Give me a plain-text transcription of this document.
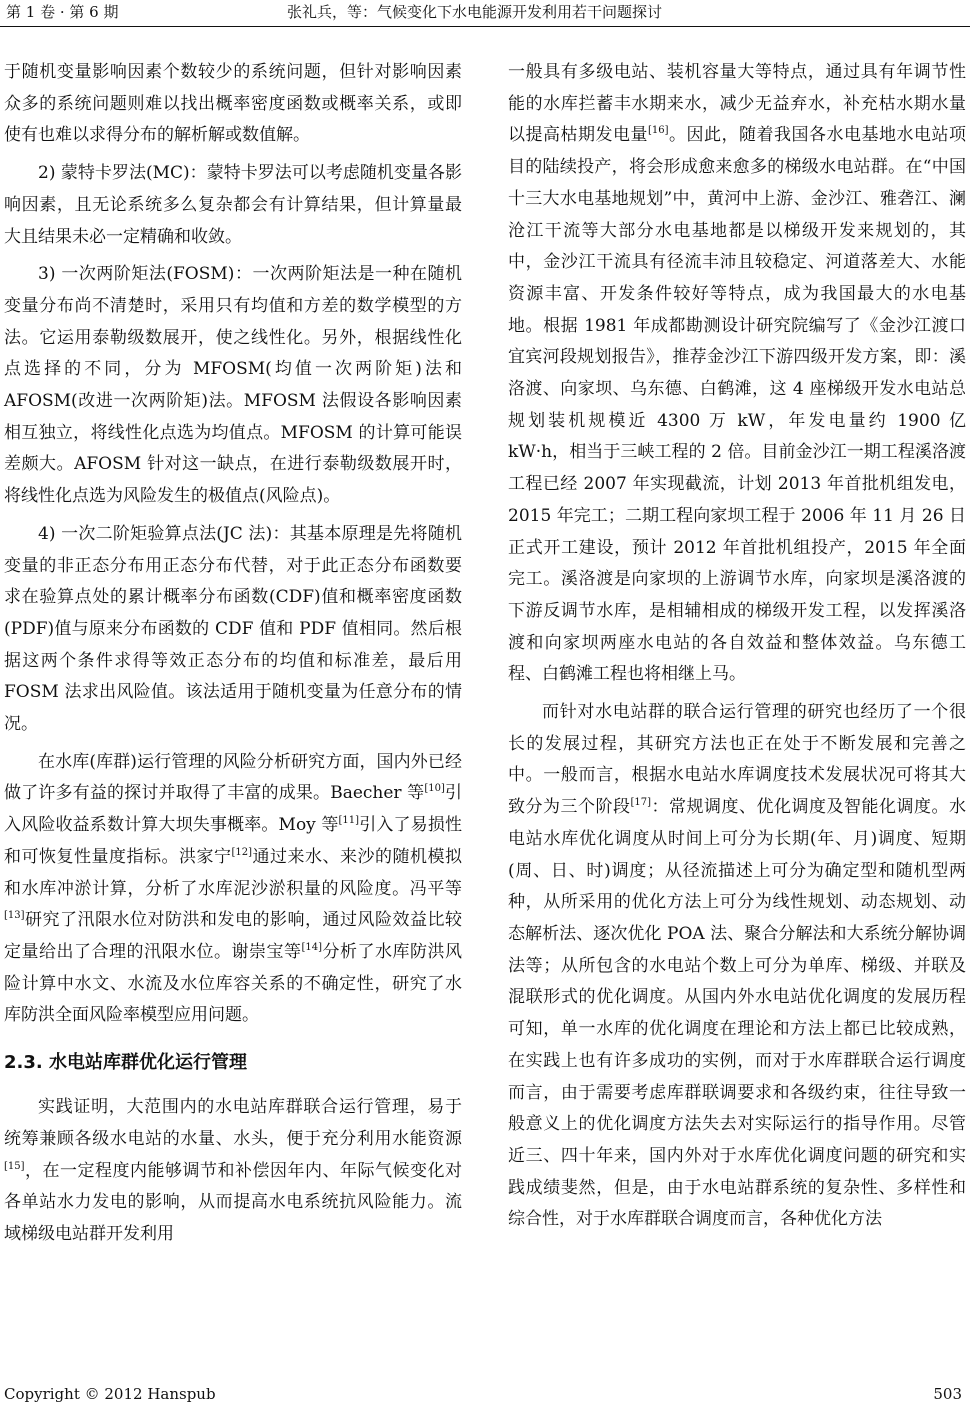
第 1 卷 · 第 6 期	张礼兵，等：气候变化下水电能源开发利用若干问题探讨

于随机变量影响因素个数较少的系统问题，但针对影响因素众多的系统问题则难以找出概率密度函数或概率关系，或即使有也难以求得分布的解析解或数值解。

2) 蒙特卡罗法(MC)：蒙特卡罗法可以考虑随机变量各影响因素，且无论系统多么复杂都会有计算结果，但计算量最大且结果未必一定精确和收敛。

3) 一次两阶矩法(FOSM)：一次两阶矩法是一种在随机变量分布尚不清楚时，采用只有均值和方差的数学模型的方法。它运用泰勒级数展开，使之线性化。另外，根据线性化点选择的不同，分为 MFOSM(均值一次两阶矩)法和 AFOSM(改进一次两阶矩)法。MFOSM 法假设各影响因素相互独立，将线性化点选为均值点。MFOSM 的计算可能误差颇大。AFOSM 针对这一缺点，在进行泰勒级数展开时，将线性化点选为风险发生的极值点(风险点)。

4) 一次二阶矩验算点法(JC 法)：其基本原理是先将随机变量的非正态分布用正态分布代替，对于此正态分布函数要求在验算点处的累计概率分布函数(CDF)值和概率密度函数(PDF)值与原来分布函数的 CDF 值和 PDF 值相同。然后根据这两个条件求得等效正态分布的均值和标准差，最后用 FOSM 法求出风险值。该法适用于随机变量为任意分布的情况。

在水库(库群)运行管理的风险分析研究方面，国内外已经做了许多有益的探讨并取得了丰富的成果。Baecher 等[10]引入风险收益系数计算大坝失事概率。Moy 等[11]引入了易损性和可恢复性量度指标。洪家宁[12]通过来水、来沙的随机模拟和水库冲淤计算，分析了水库泥沙淤积量的风险度。冯平等[13]研究了汛限水位对防洪和发电的影响，通过风险效益比较定量给出了合理的汛限水位。谢崇宝等[14]分析了水库防洪风险计算中水文、水流及水位库容关系的不确定性，研究了水库防洪全面风险率模型应用问题。

2.3. 水电站库群优化运行管理

实践证明，大范围内的水电站库群联合运行管理，易于统筹兼顾各级水电站的水量、水头，便于充分利用水能资源[15]，在一定程度内能够调节和补偿因年内、年际气候变化对各单站水力发电的影响，从而提高水电系统抗风险能力。流域梯级电站群开发利用

一般具有多级电站、装机容量大等特点，通过具有年调节性能的水库拦蓄丰水期来水，减少无益弃水，补充枯水期水量以提高枯期发电量[16]。因此，随着我国各水电基地水电站项目的陆续投产，将会形成愈来愈多的梯级水电站群。在“中国十三大水电基地规划”中，黄河中上游、金沙江、雅砻江、澜沧江干流等大部分水电基地都是以梯级开发来规划的，其中，金沙江干流具有径流丰沛且较稳定、河道落差大、水能资源丰富、开发条件较好等特点，成为我国最大的水电基地。根据 1981 年成都勘测设计研究院编写了《金沙江渡口宜宾河段规划报告》，推荐金沙江下游四级开发方案，即：溪洛渡、向家坝、乌东德、白鹤滩，这 4 座梯级开发水电站总规划装机规模近 4300 万 kW，年发电量约 1900 亿 kW·h，相当于三峡工程的 2 倍。目前金沙江一期工程溪洛渡工程已经 2007 年实现截流，计划 2013 年首批机组发电，2015 年完工；二期工程向家坝工程于 2006 年 11 月 26 日正式开工建设，预计 2012 年首批机组投产，2015 年全面完工。溪洛渡是向家坝的上游调节水库，向家坝是溪洛渡的下游反调节水库，是相辅相成的梯级开发工程，以发挥溪洛渡和向家坝两座水电站的各自效益和整体效益。乌东德工程、白鹤滩工程也将相继上马。

而针对水电站群的联合运行管理的研究也经历了一个很长的发展过程，其研究方法也正在处于不断发展和完善之中。一般而言，根据水电站水库调度技术发展状况可将其大致分为三个阶段[17]：常规调度、优化调度及智能化调度。水电站水库优化调度从时间上可分为长期(年、月)调度、短期(周、日、时)调度；从径流描述上可分为确定型和随机型两种，从所采用的优化方法上可分为线性规划、动态规划、动态解析法、逐次优化 POA 法、聚合分解法和大系统分解协调法等；从所包含的水电站个数上可分为单库、梯级、并联及混联形式的优化调度。从国内外水电站优化调度的发展历程可知，单一水库的优化调度在理论和方法上都已比较成熟，在实践上也有许多成功的实例，而对于水库群联合运行调度而言，由于需要考虑库群联调要求和各级约束，往往导致一般意义上的优化调度方法失去对实际运行的指导作用。尽管近三、四十年来，国内外对于水库优化调度问题的研究和实践成绩斐然，但是，由于水电站群系统的复杂性、多样性和综合性，对于水库群联合调度而言，各种优化方法

Copyright © 2012 Hanspub	503
